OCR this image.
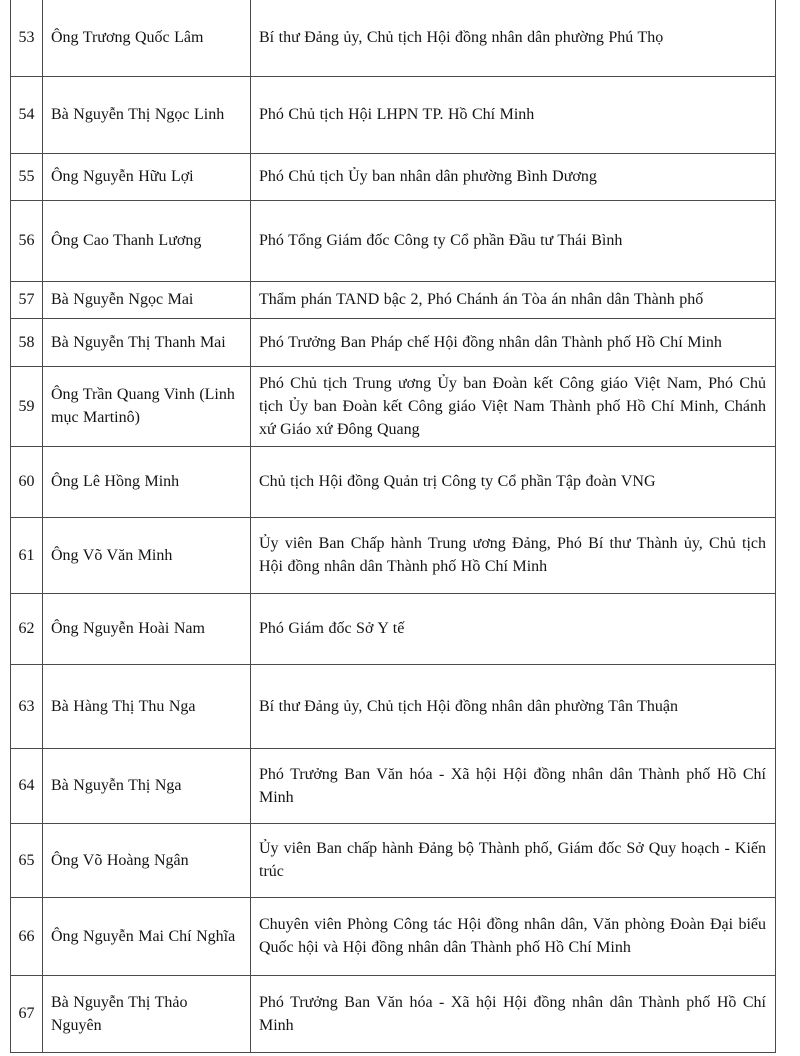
53	Ông Trương Quốc Lâm	Bí thư Đảng ủy, Chủ tịch Hội đồng nhân dân phường Phú Thọ
54	Bà Nguyễn Thị Ngọc Linh	Phó Chủ tịch Hội LHPN TP. Hồ Chí Minh
55	Ông Nguyễn Hữu Lợi	Phó Chủ tịch Ủy ban nhân dân phường Bình Dương
56	Ông Cao Thanh Lương	Phó Tổng Giám đốc Công ty Cổ phần Đầu tư Thái Bình
57	Bà Nguyễn Ngọc Mai	Thẩm phán TAND bậc 2, Phó Chánh án Tòa án nhân dân Thành phố
58	Bà Nguyễn Thị Thanh Mai	Phó Trưởng Ban Pháp chế Hội đồng nhân dân Thành phố Hồ Chí Minh
59	Ông Trần Quang Vinh (Linh mục Martinô)	Phó Chủ tịch Trung ương Ủy ban Đoàn kết Công giáo Việt Nam, Phó Chủ tịch Ủy ban Đoàn kết Công giáo Việt Nam Thành phố Hồ Chí Minh, Chánh xứ Giáo xứ Đông Quang
60	Ông Lê Hồng Minh	Chủ tịch Hội đồng Quản trị Công ty Cổ phần Tập đoàn VNG
61	Ông Võ Văn Minh	Ủy viên Ban Chấp hành Trung ương Đảng, Phó Bí thư Thành ủy, Chủ tịch Hội đồng nhân dân Thành phố Hồ Chí Minh
62	Ông Nguyễn Hoài Nam	Phó Giám đốc Sở Y tế
63	Bà Hàng Thị Thu Nga	Bí thư Đảng ủy, Chủ tịch Hội đồng nhân dân phường Tân Thuận
64	Bà Nguyễn Thị Nga	Phó Trưởng Ban Văn hóa - Xã hội Hội đồng nhân dân Thành phố Hồ Chí Minh
65	Ông Võ Hoàng Ngân	Ủy viên Ban chấp hành Đảng bộ Thành phố, Giám đốc Sở Quy hoạch - Kiến trúc
66	Ông Nguyễn Mai Chí Nghĩa	Chuyên viên Phòng Công tác Hội đồng nhân dân, Văn phòng Đoàn Đại biểu Quốc hội và Hội đồng nhân dân Thành phố Hồ Chí Minh
67	Bà Nguyễn Thị Thảo Nguyên	Phó Trưởng Ban Văn hóa - Xã hội Hội đồng nhân dân Thành phố Hồ Chí Minh
